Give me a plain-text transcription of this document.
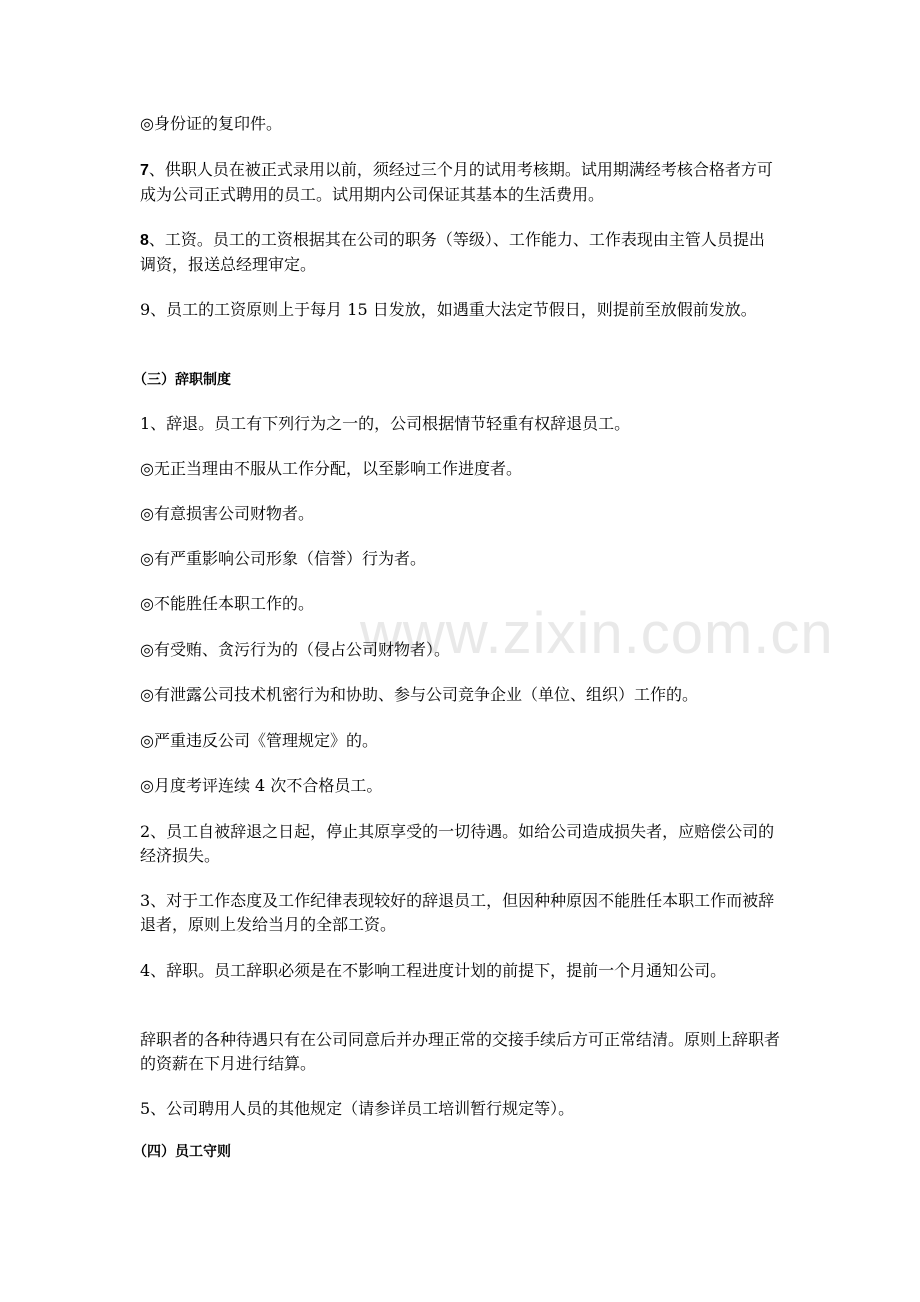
www.zixin.com.cn

◎身份证的复印件。

7、供职人员在被正式录用以前，须经过三个月的试用考核期。试用期满经考核合格者方可成为公司正式聘用的员工。试用期内公司保证其基本的生活费用。

8、工资。员工的工资根据其在公司的职务（等级）、工作能力、工作表现由主管人员提出调资，报送总经理审定。

9、员工的工资原则上于每月 15 日发放，如遇重大法定节假日，则提前至放假前发放。

（三）辞职制度

1、辞退。员工有下列行为之一的，公司根据情节轻重有权辞退员工。

◎无正当理由不服从工作分配，以至影响工作进度者。

◎有意损害公司财物者。

◎有严重影响公司形象（信誉）行为者。

◎不能胜任本职工作的。

◎有受贿、贪污行为的（侵占公司财物者）。

◎有泄露公司技术机密行为和协助、参与公司竞争企业（单位、组织）工作的。

◎严重违反公司《管理规定》的。

◎月度考评连续 4 次不合格员工。

2、员工自被辞退之日起，停止其原享受的一切待遇。如给公司造成损失者，应赔偿公司的经济损失。

3、对于工作态度及工作纪律表现较好的辞退员工，但因种种原因不能胜任本职工作而被辞退者，原则上发给当月的全部工资。

4、辞职。员工辞职必须是在不影响工程进度计划的前提下，提前一个月通知公司。

辞职者的各种待遇只有在公司同意后并办理正常的交接手续后方可正常结清。原则上辞职者的资薪在下月进行结算。

5、公司聘用人员的其他规定（请参详员工培训暂行规定等）。

（四）员工守则
